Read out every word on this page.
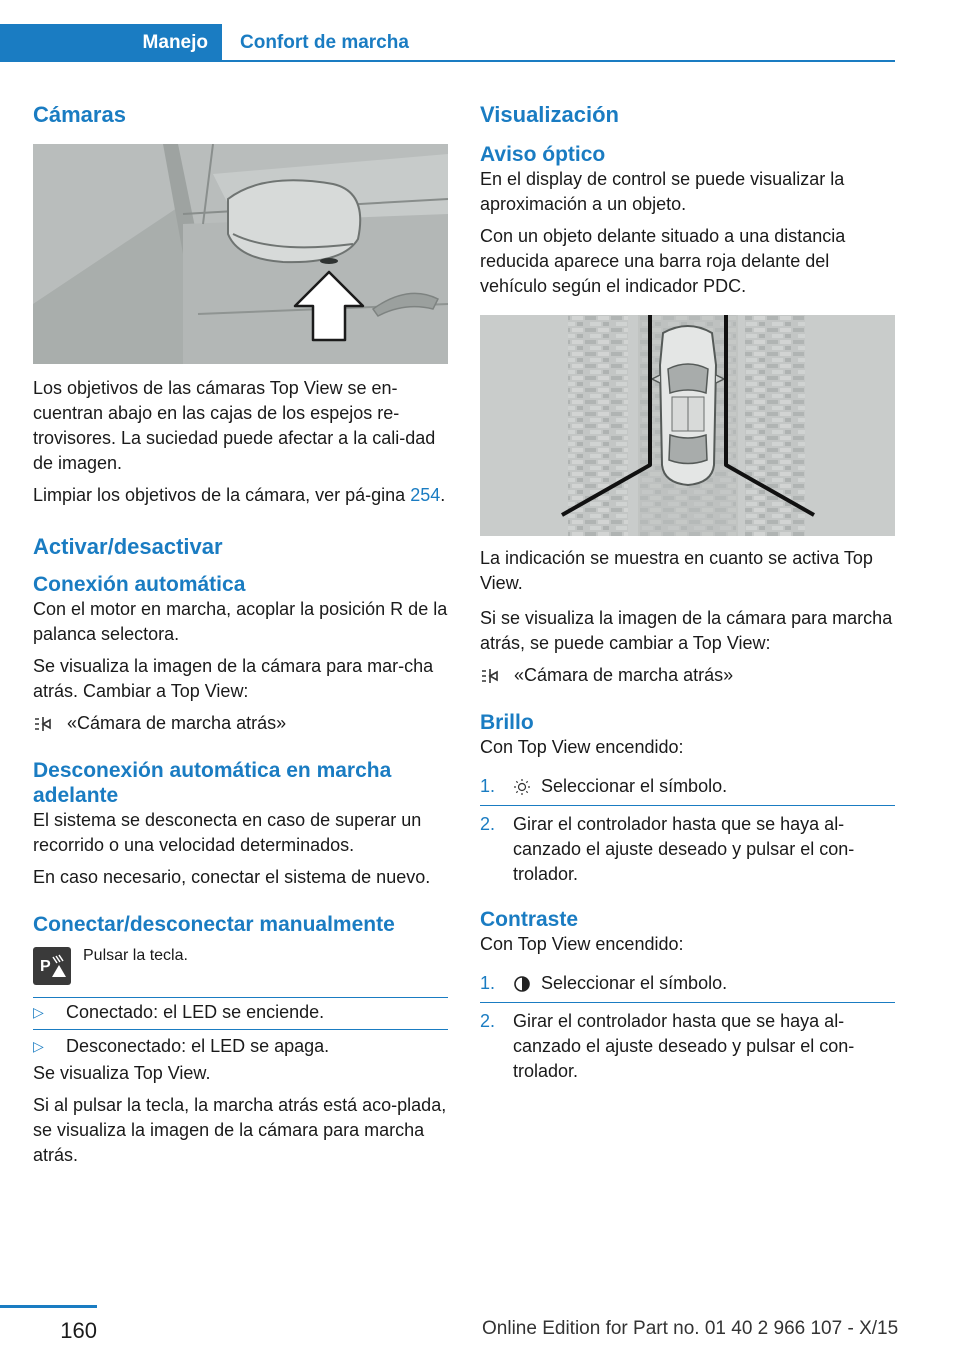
Manejo	Confort de marcha
Cámaras

Los objetivos de las cámaras Top View se en‐cuentran abajo en las cajas de los espejos re‐trovisores. La suciedad puede afectar a la cali‐dad de imagen.

Limpiar los objetivos de la cámara, ver pá‐gina 254.

Activar/desactivar
Conexión automática

Con el motor en marcha, acoplar la posición R de la palanca selectora.

Se visualiza la imagen de la cámara para mar‐cha atrás. Cambiar a Top View:

«Cámara de marcha atrás»
Desconexión automática en marcha adelante

El sistema se desconecta en caso de superar un recorrido o una velocidad determinados.

En caso necesario, conectar el sistema de nuevo.

Conectar/desconectar manualmente
P
Pulsar la tecla.
▷	Conectado: el LED se enciende.
▷	Desconectado: el LED se apaga.

Se visualiza Top View.

Si al pulsar la tecla, la marcha atrás está aco‐plada, se visualiza la imagen de la cámara para marcha atrás.

Visualización
Aviso óptico

En el display de control se puede visualizar la aproximación a un objeto.

Con un objeto delante situado a una distancia reducida aparece una barra roja delante del vehículo según el indicador PDC.

La indicación se muestra en cuanto se activa Top View.

Si se visualiza la imagen de la cámara para marcha atrás, se puede cambiar a Top View:

«Cámara de marcha atrás»
Brillo

Con Top View encendido:

1.	Seleccionar el símbolo.
2. Girar el controlador hasta que se haya al‐canzado el ajuste deseado y pulsar el con‐trolador.
Contraste

Con Top View encendido:

1.	Seleccionar el símbolo.
2. Girar el controlador hasta que se haya al‐canzado el ajuste deseado y pulsar el con‐trolador.
160	Online Edition for Part no. 01 40 2 966 107 - X/15
